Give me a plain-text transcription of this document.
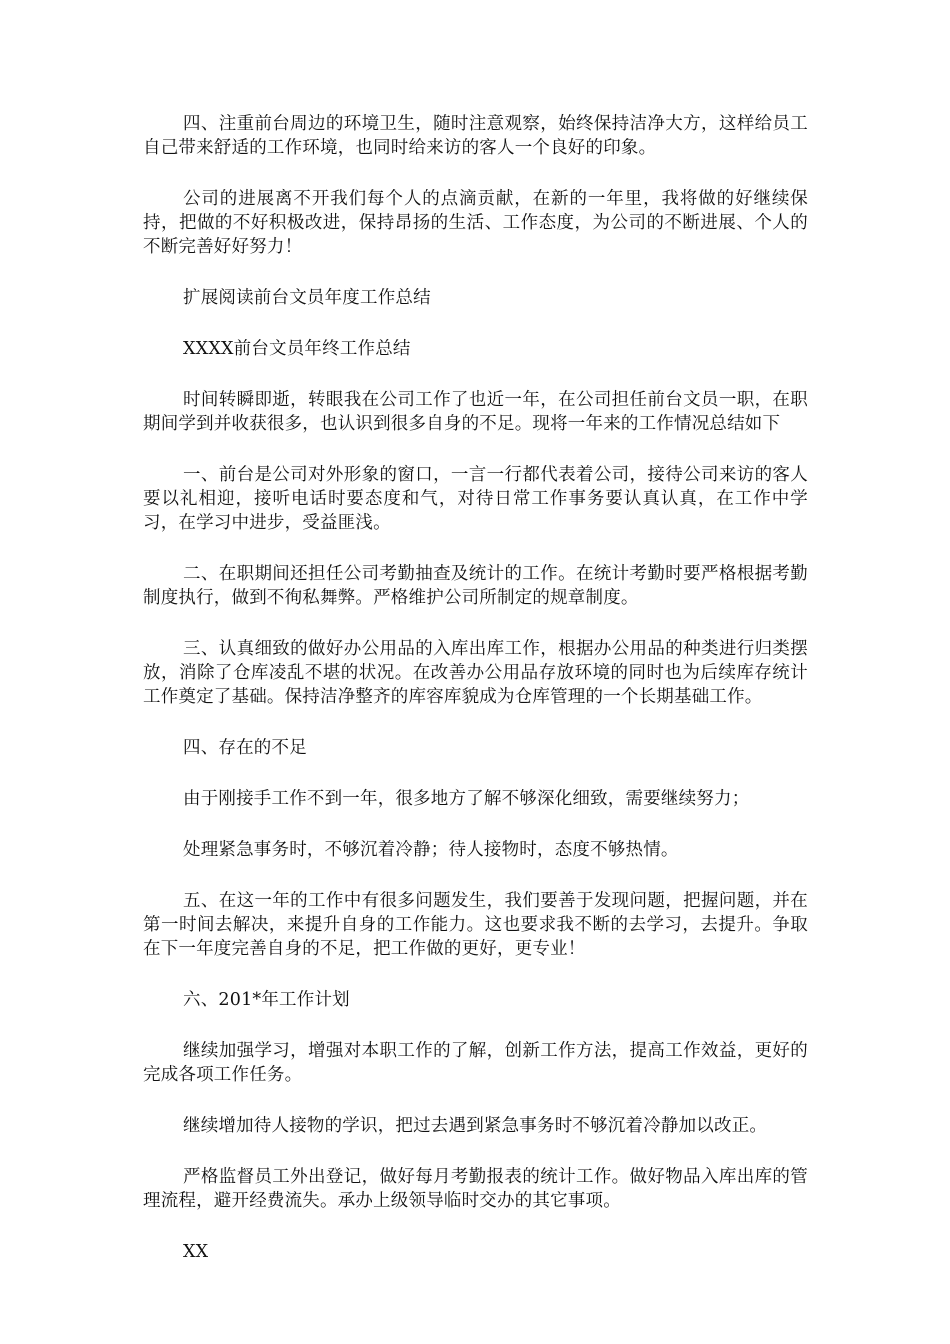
四、注重前台周边的环境卫生，随时注意观察，始终保持洁净大方，这样给员工自己带来舒适的工作环境，也同时给来访的客人一个良好的印象。

公司的进展离不开我们每个人的点滴贡献，在新的一年里，我将做的好继续保持，把做的不好积极改进，保持昂扬的生活、工作态度，为公司的不断进展、个人的不断完善好好努力！

扩展阅读前台文员年度工作总结

XXXX前台文员年终工作总结

时间转瞬即逝，转眼我在公司工作了也近一年，在公司担任前台文员一职，在职期间学到并收获很多，也认识到很多自身的不足。现将一年来的工作情况总结如下

一、前台是公司对外形象的窗口，一言一行都代表着公司，接待公司来访的客人要以礼相迎，接听电话时要态度和气，对待日常工作事务要认真认真，在工作中学习，在学习中进步，受益匪浅。

二、在职期间还担任公司考勤抽查及统计的工作。在统计考勤时要严格根据考勤制度执行，做到不徇私舞弊。严格维护公司所制定的规章制度。

三、认真细致的做好办公用品的入库出库工作，根据办公用品的种类进行归类摆放，消除了仓库凌乱不堪的状况。在改善办公用品存放环境的同时也为后续库存统计工作奠定了基础。保持洁净整齐的库容库貌成为仓库管理的一个长期基础工作。

四、存在的不足

由于刚接手工作不到一年，很多地方了解不够深化细致，需要继续努力；

处理紧急事务时，不够沉着冷静；待人接物时，态度不够热情。

五、在这一年的工作中有很多问题发生，我们要善于发现问题，把握问题，并在第一时间去解决，来提升自身的工作能力。这也要求我不断的去学习，去提升。争取在下一年度完善自身的不足，把工作做的更好，更专业！

六、201*年工作计划

继续加强学习，增强对本职工作的了解，创新工作方法，提高工作效益，更好的完成各项工作任务。

继续增加待人接物的学识，把过去遇到紧急事务时不够沉着冷静加以改正。

严格监督员工外出登记，做好每月考勤报表的统计工作。做好物品入库出库的管理流程，避开经费流失。承办上级领导临时交办的其它事项。

XX
